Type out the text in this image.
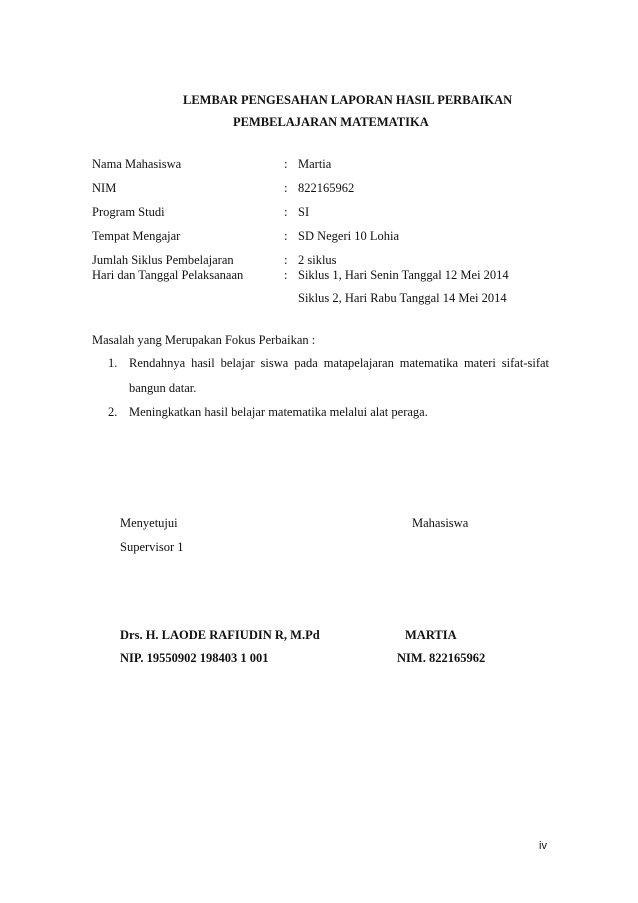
LEMBAR PENGESAHAN LAPORAN HASIL PERBAIKAN
PEMBELAJARAN MATEMATIKA
Nama Mahasiswa	: Martia
NIM	: 822165962
Program Studi	: SI
Tempat Mengajar	: SD Negeri 10 Lohia
Jumlah Siklus Pembelajaran	: 2 siklus
Hari dan Tanggal Pelaksanaan	: Siklus 1, Hari Senin Tanggal 12 Mei 2014
Siklus 2, Hari Rabu Tanggal 14 Mei 2014
Masalah yang Merupakan Fokus Perbaikan :
1. Rendahnya hasil belajar siswa pada matapelajaran matematika materi sifat-sifat
bangun datar.
2. Meningkatkan hasil belajar matematika melalui alat peraga.
Menyetujui
Supervisor 1
Mahasiswa
Drs. H. LAODE RAFIUDIN R, M.Pd	MARTIA
NIP. 19550902 198403 1 001	NIM. 822165962
iv
